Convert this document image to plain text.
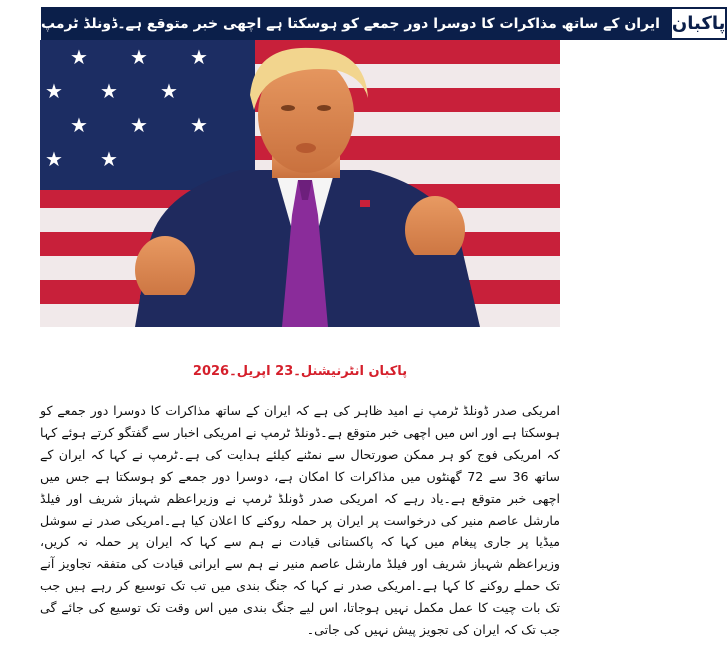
ایران کے ساتھ مذاکرات کا دوسرا دور جمعے کو ہوسکتا ہے اچھی خبر متوقع ہے۔ڈونلڈ ٹرمپ پاکبان
★ ★ ★
★ ★ ★
★ ★ ★
★ ★
پاکبان انٹرنیشنل۔23 اپریل۔2026

امریکی صدر ڈونلڈ ٹرمپ نے امید ظاہر کی ہے کہ ایران کے ساتھ مذاکرات کا دوسرا دور جمعے کو ہوسکتا ہے اور اس میں اچھی خبر متوقع ہے۔ڈونلڈ ٹرمپ نے امریکی اخبار سے گفتگو کرتے ہوئے کہا کہ امریکی فوج کو ہر ممکن صورتحال سے نمٹنے کیلئے ہدایت کی ہے۔ٹرمپ نے کہا کہ ایران کے ساتھ 36 سے 72 گھنٹوں میں مذاکرات کا امکان ہے، دوسرا دور جمعے کو ہوسکتا ہے جس میں اچھی خبر متوقع ہے۔یاد رہے کہ امریکی صدر ڈونلڈ ٹرمپ نے وزیراعظم شہباز شریف اور فیلڈ مارشل عاصم منیر کی درخواست پر ایران پر حملہ روکنے کا اعلان کیا ہے۔امریکی صدر نے سوشل میڈیا پر جاری پیغام میں کہا کہ پاکستانی قیادت نے ہم سے کہا کہ ایران پر حملہ نہ کریں، وزیراعظم شہباز شریف اور فیلڈ مارشل عاصم منیر نے ہم سے ایرانی قیادت کی متفقہ تجاویز آنے تک حملے روکنے کا کہا ہے۔امریکی صدر نے کہا کہ جنگ بندی میں تب تک توسیع کر رہے ہیں جب تک بات چیت کا عمل مکمل نہیں ہوجاتا، اس لیے جنگ بندی میں اس وقت تک توسیع کی جائے گی جب تک کہ ایران کی تجویز پیش نہیں کی جاتی۔
